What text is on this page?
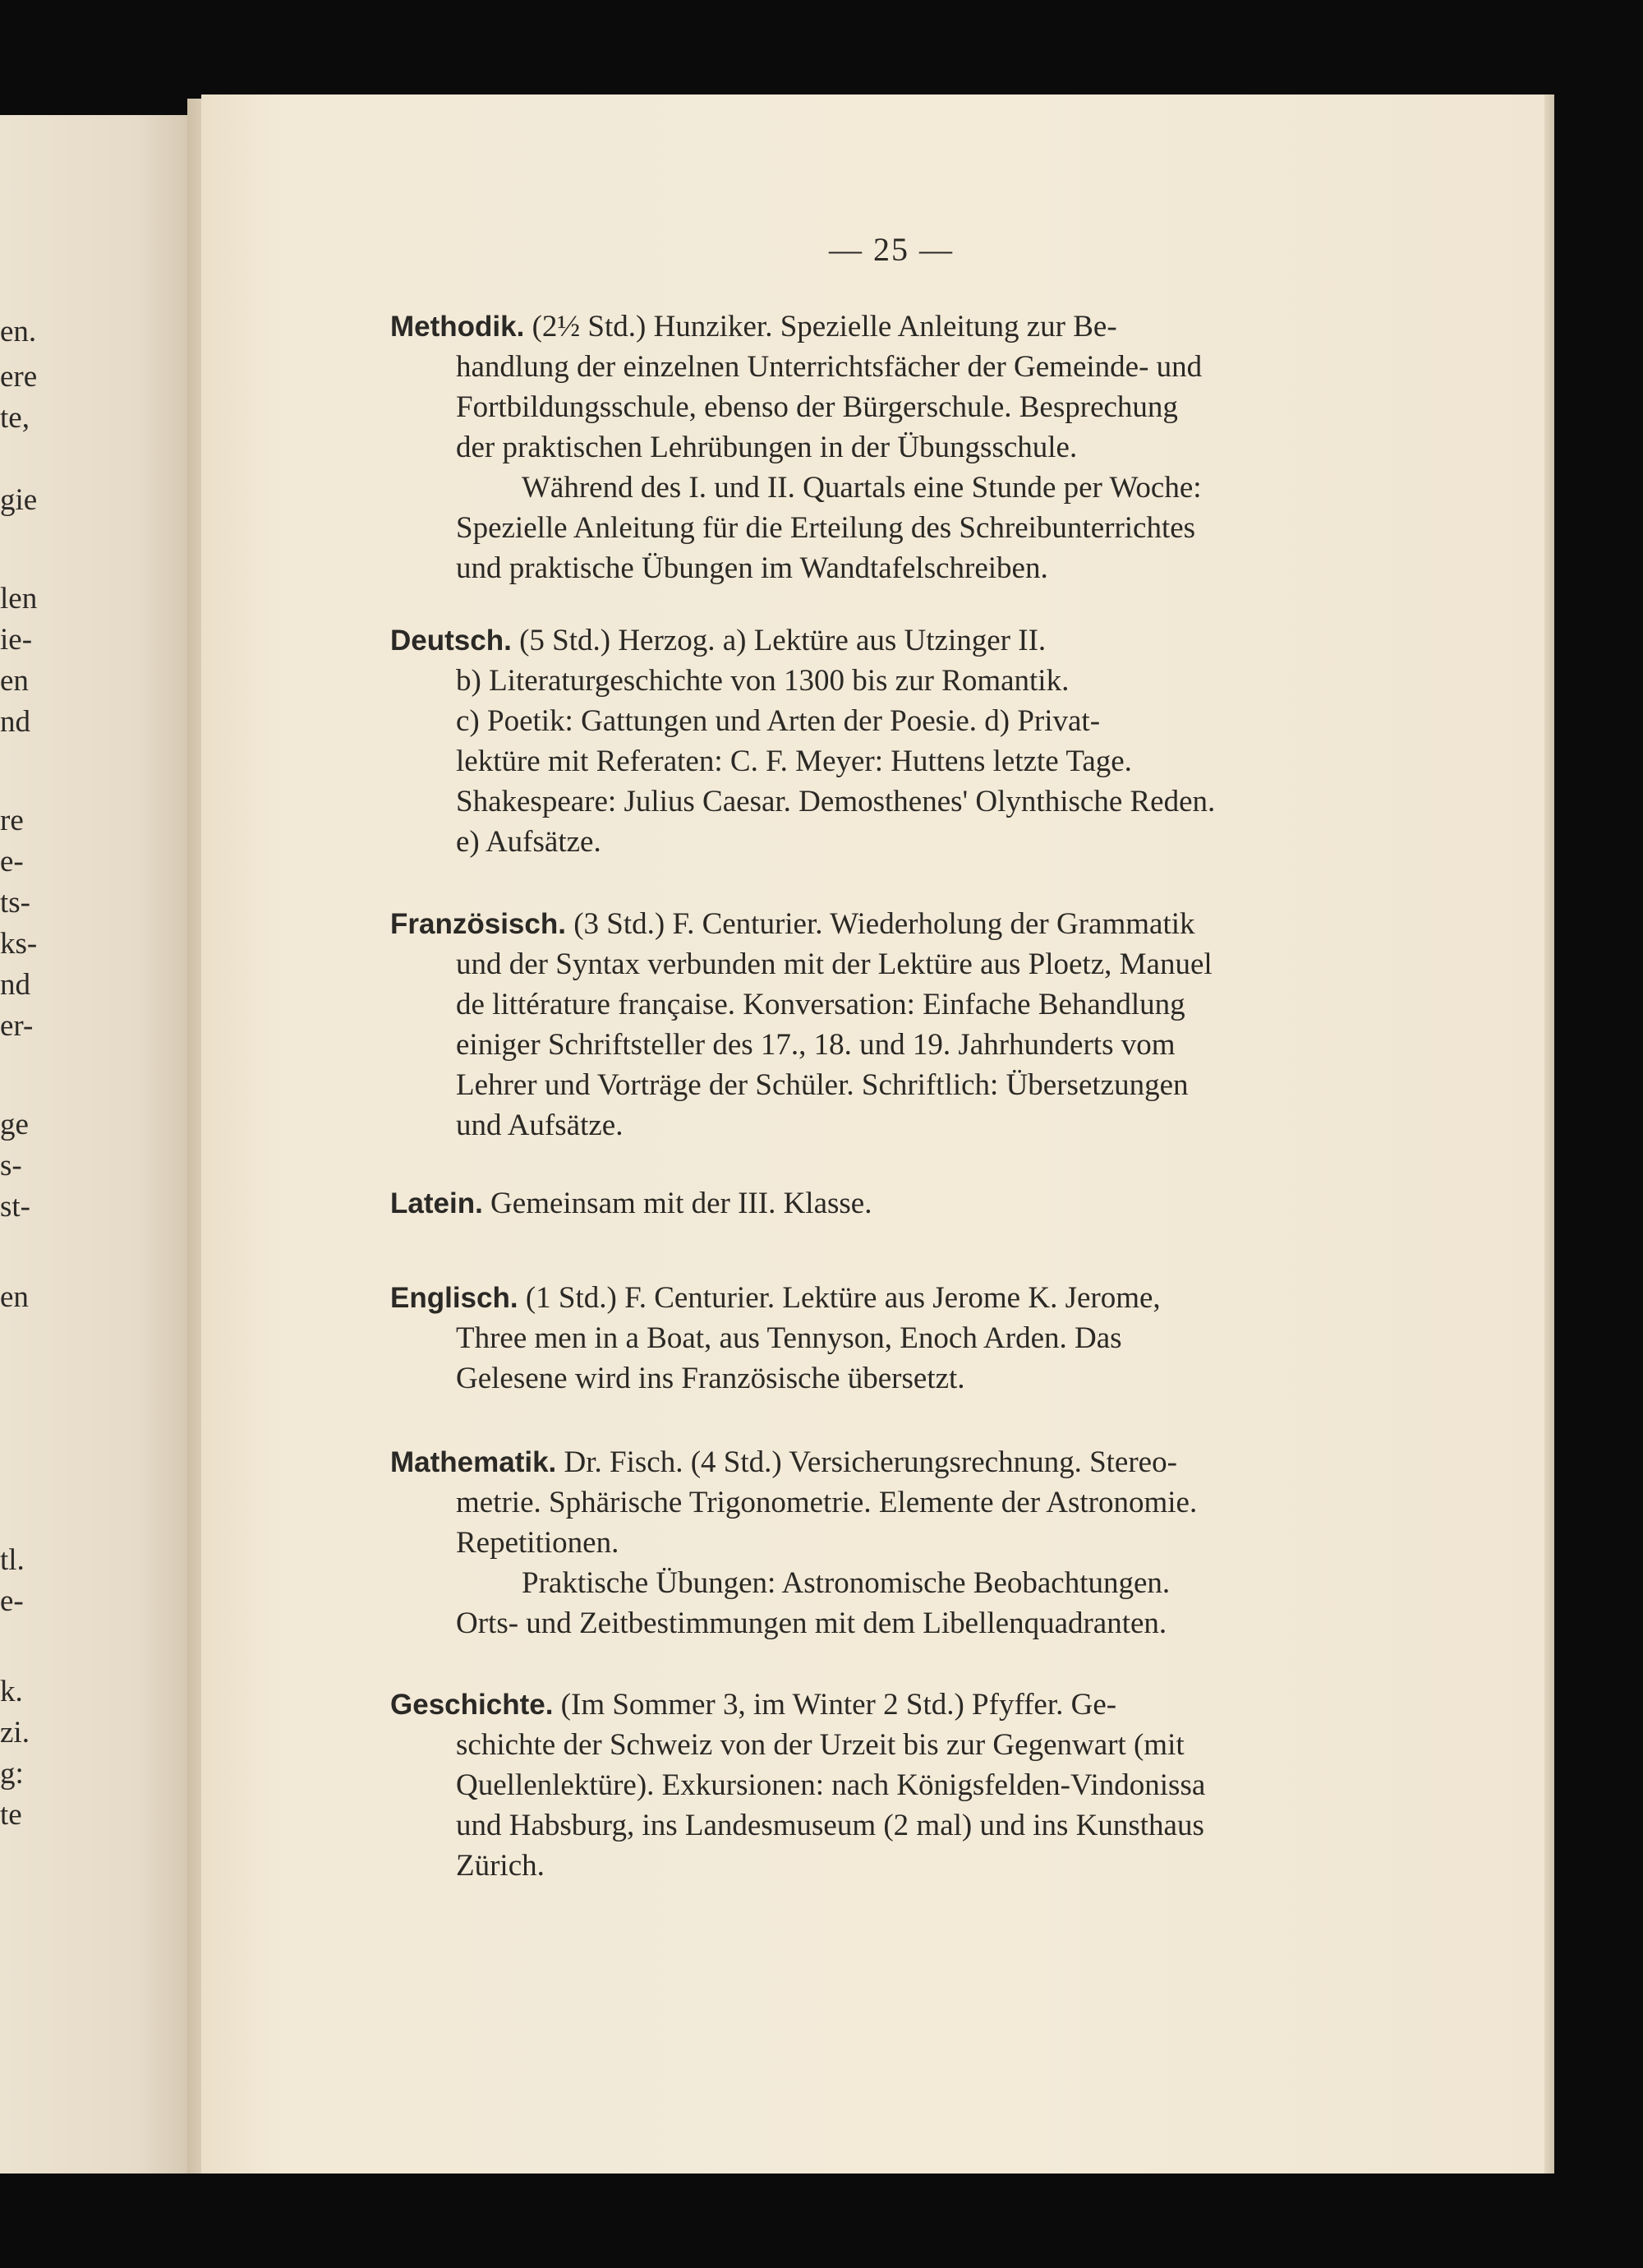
en.
ere
te,
gie
len
ie-
en
nd
re
e-
ts-
ks-
nd
er-
ge
s-
st-
en
tl.
e-
k.
zi.
g:
te
— 25 —
Methodik. (2½ Std.) Hunziker. Spezielle Anleitung zur Be-
handlung der einzelnen Unterrichtsfächer der Gemeinde- und
Fortbildungsschule, ebenso der Bürgerschule. Besprechung
der praktischen Lehrübungen in der Übungsschule.
Während des I. und II. Quartals eine Stunde per Woche:
Spezielle Anleitung für die Erteilung des Schreibunterrichtes
und praktische Übungen im Wandtafelschreiben.
Deutsch. (5 Std.) Herzog. a) Lektüre aus Utzinger II.
b) Literaturgeschichte von 1300 bis zur Romantik.
c) Poetik: Gattungen und Arten der Poesie. d) Privat-
lektüre mit Referaten: C. F. Meyer: Huttens letzte Tage.
Shakespeare: Julius Caesar. Demosthenes' Olynthische Reden.
e) Aufsätze.
Französisch. (3 Std.) F. Centurier. Wiederholung der Grammatik
und der Syntax verbunden mit der Lektüre aus Ploetz, Manuel
de littérature française. Konversation: Einfache Behandlung
einiger Schriftsteller des 17., 18. und 19. Jahrhunderts vom
Lehrer und Vorträge der Schüler. Schriftlich: Übersetzungen
und Aufsätze.
Latein. Gemeinsam mit der III. Klasse.
Englisch. (1 Std.) F. Centurier. Lektüre aus Jerome K. Jerome,
Three men in a Boat, aus Tennyson, Enoch Arden. Das
Gelesene wird ins Französische übersetzt.
Mathematik. Dr. Fisch. (4 Std.) Versicherungsrechnung. Stereo-
metrie. Sphärische Trigonometrie. Elemente der Astronomie.
Repetitionen.
Praktische Übungen: Astronomische Beobachtungen.
Orts- und Zeitbestimmungen mit dem Libellenquadranten.
Geschichte. (Im Sommer 3, im Winter 2 Std.) Pfyffer. Ge-
schichte der Schweiz von der Urzeit bis zur Gegenwart (mit
Quellenlektüre). Exkursionen: nach Königsfelden-Vindonissa
und Habsburg, ins Landesmuseum (2 mal) und ins Kunsthaus
Zürich.
